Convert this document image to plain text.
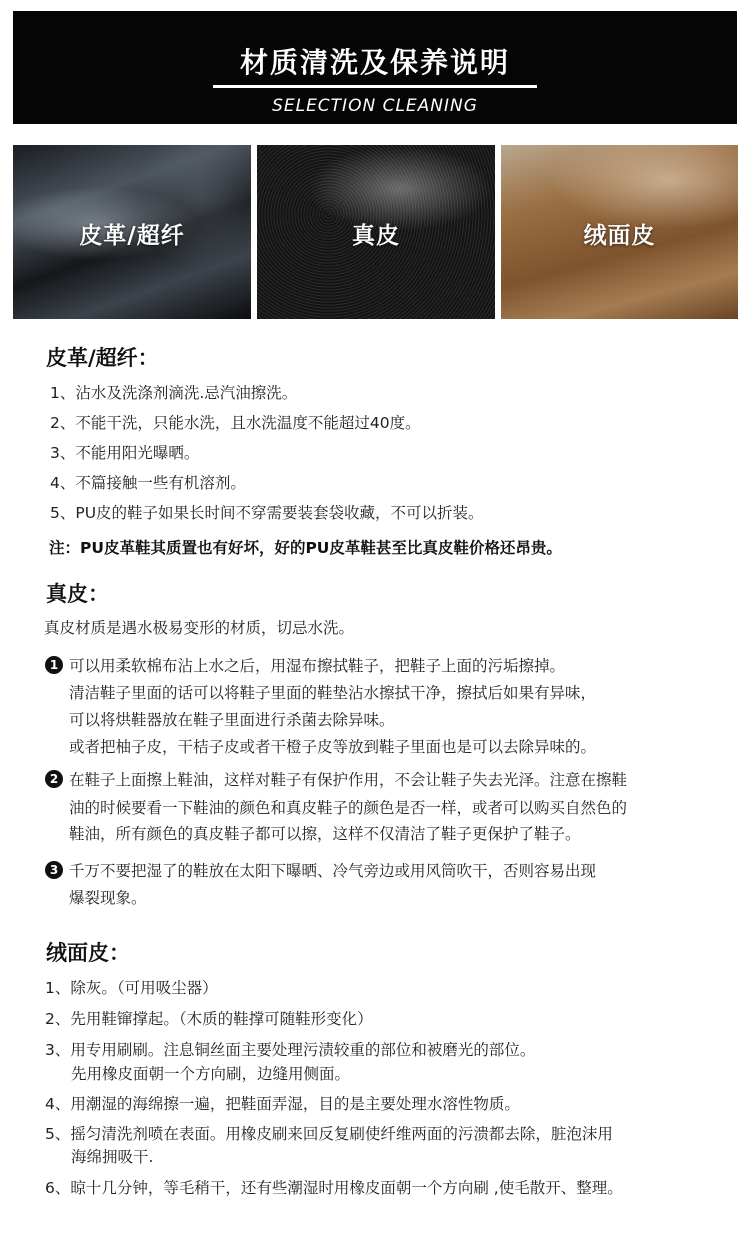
材质清洗及保养说明
SELECTION CLEANING
皮革/超纤	真皮	绒面皮
皮革/超纤：
1、沾水及洗涤剂滴洗.忌汽油擦洗。
2、不能干洗，只能水洗，且水洗温度不能超过40度。
3、不能用阳光曝晒。
4、不篇接触一些有机溶剂。
5、PU皮的鞋子如果长时间不穿需要装套袋收藏，不可以折装。
注：PU皮革鞋其质置也有好坏，好的PU皮革鞋甚至比真皮鞋价格还昂贵。
真皮：
真皮材质是遇水极易变形的材质，切忌水洗。
1 可以用柔软棉布沾上水之后，用湿布擦拭鞋子，把鞋子上面的污垢擦掉。
清洁鞋子里面的话可以将鞋子里面的鞋垫沾水擦拭干净，擦拭后如果有异味，
可以将烘鞋器放在鞋子里面进行杀菌去除异味。
或者把柚子皮，干桔子皮或者干橙子皮等放到鞋子里面也是可以去除异味的。
2 在鞋子上面擦上鞋油，这样对鞋子有保护作用，不会让鞋子失去光泽。注意在擦鞋
油的时候要看一下鞋油的颜色和真皮鞋子的颜色是否一样，或者可以购买自然色的
鞋油，所有颜色的真皮鞋子都可以擦，这样不仅清洁了鞋子更保护了鞋子。
3 千万不要把湿了的鞋放在太阳下曝晒、冷气旁边或用风筒吹干，否则容易出现
爆裂现象。
绒面皮：
1、除灰。（可用吸尘器）
2、先用鞋镩撑起。（木质的鞋撑可随鞋形变化）
3、用专用刷刷。注息铜丝面主要处理污渍较重的部位和被磨光的部位。
先用橡皮面朝一个方向刷，边缝用侧面。
4、用潮湿的海绵擦一遍，把鞋面弄湿，目的是主要处理水溶性物质。
5、摇匀清洗剂喷在表面。用橡皮刷来回反复刷使纤维两面的污溃都去除，脏泡沫用
海绵拥吸干.
6、晾十几分钟，等毛稍干，还有些潮湿时用橡皮面朝一个方向刷 ,使毛散开、整理。
